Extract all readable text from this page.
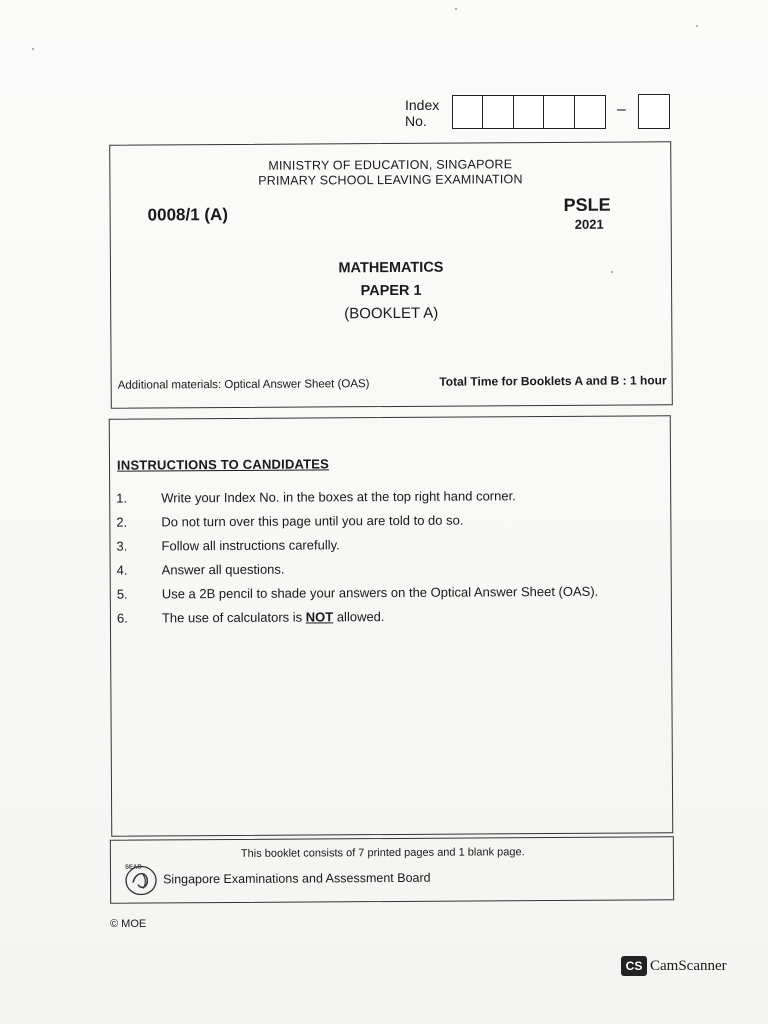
Index
No.
–
MINISTRY OF EDUCATION, SINGAPORE
PRIMARY SCHOOL LEAVING EXAMINATION
0008/1 (A)	PSLE
2021
MATHEMATICS
PAPER 1
(BOOKLET A)
Additional materials: Optical Answer Sheet (OAS)	Total Time for Booklets A and B : 1 hour
INSTRUCTIONS TO CANDIDATES
1.	Write your Index No. in the boxes at the top right hand corner.
2.	Do not turn over this page until you are told to do so.
3.	Follow all instructions carefully.
4.	Answer all questions.
5.	Use a 2B pencil to shade your answers on the Optical Answer Sheet (OAS).
6.	The use of calculators is NOT allowed.
This booklet consists of 7 printed pages and 1 blank page.
SEAB
Singapore Examinations and Assessment Board
© MOE
CS CamScanner
